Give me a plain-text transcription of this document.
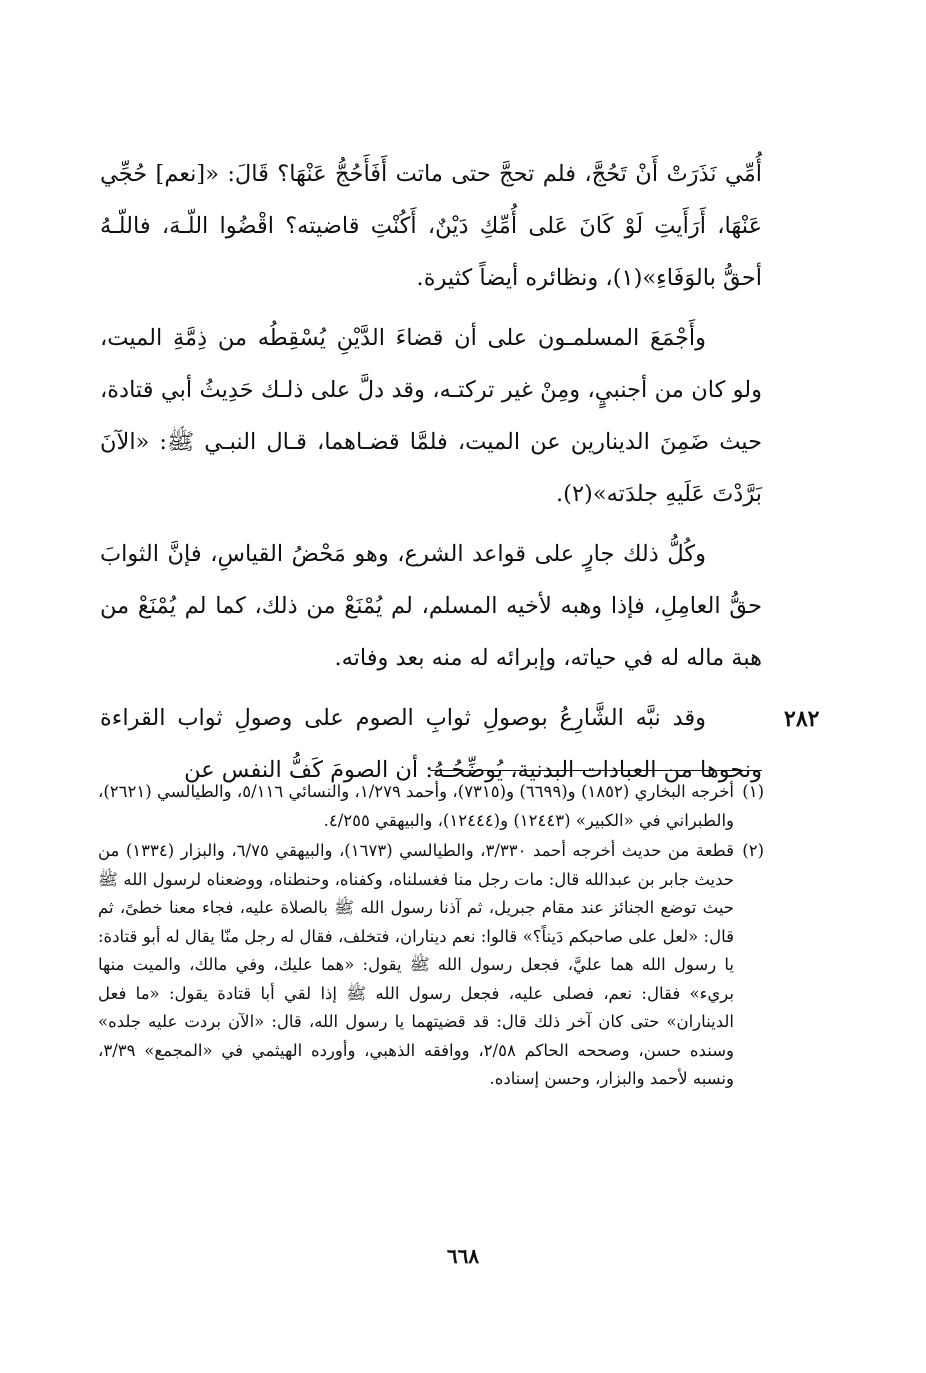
أُمِّي نَذَرَتْ أَنْ تَحُجَّ، فلم تحجَّ حتى ماتت أَفَأَحُجُّ عَنْهَا؟ قَالَ: «[نعم] حُجِّي عَنْهَا، أَرَأَيتِ لَوْ كَانَ عَلى أُمِّكِ دَيْنٌ، أَكُنْتِ قاضيته؟ اقْضُوا اللّـهَ، فاللّـهُ أحقُّ بالوَفَاءِ»(١)، ونظائره أيضاً كثيرة.

وأَجْمَعَ المسلمـون على أن قضاءَ الدَّيْنِ يُسْقِطُه من ذِمَّةِ الميت، ولو كان من أجنبيٍ، ومِنْ غير تركتـه، وقد دلَّ على ذلـك حَدِيثُ أبي قتادة، حيث ضَمِنَ الدينارين عن الميت، فلمَّا قضـاهما، قـال النبـي ﷺ: «الآنَ بَرَّدْتَ عَلَيهِ جلدَته»(٢).

وكُلُّ ذلك جارٍ على قواعد الشرع، وهو مَحْضُ القياسِ، فإنَّ الثوابَ حقُّ العامِلِ، فإذا وهبه لأخيه المسلم، لم يُمْنَعْ من ذلك، كما لم يُمْنَعْ من هبة ماله له في حياته، وإبرائه له منه بعد وفاته.

وقد نبَّه الشَّارِعُ بوصولِ ثوابِ الصوم على وصولِ ثواب القراءة ونحوها من العبادات البدنية، يُوضِّحُـهُ: أن الصومَ كَفُّ النفس عن

٢٨٢
(١)
أخرجه البخاري (١٨٥٢) و(٦٦٩٩) و(٧٣١٥)، وأحمد ١/٢٧٩، والنسائي ٥/١١٦، والطيالسي (٢٦٢١)، والطبراني في «الكبير» (١٢٤٤٣) و(١٢٤٤٤)، والبيهقي ٤/٢٥٥.
(٢)
قطعة من حديث أخرجه أحمد ٣/٣٣٠، والطيالسي (١٦٧٣)، والبيهقي ٦/٧٥، والبزار (١٣٣٤) من حديث جابر بن عبدالله قال: مات رجل منا فغسلناه، وكفناه، وحنطناه، ووضعناه لرسول الله ﷺ حيث توضع الجنائز عند مقام جبريل، ثم آذنا رسول الله ﷺ بالصلاة عليه، فجاء معنا خطىً، ثم قال: «لعل على صاحبكم دَيناً؟» قالوا: نعم ديناران، فتخلف، فقال له رجل منّا يقال له أبو قتادة: يا رسول الله هما عليَّ، فجعل رسول الله ﷺ يقول: «هما عليك، وفي مالك، والميت منها بريء» فقال: نعم، فصلى عليه، فجعل رسول الله ﷺ إذا لقي أبا قتادة يقول: «ما فعل الديناران» حتى كان آخر ذلك قال: قد قضيتهما يا رسول الله، قال: «الآن بردت عليه جلده» وسنده حسن، وصححه الحاكم ٢/٥٨، ووافقه الذهبي، وأورده الهيثمي في «المجمع» ٣/٣٩، ونسبه لأحمد والبزار، وحسن إسناده.
٦٦٨
